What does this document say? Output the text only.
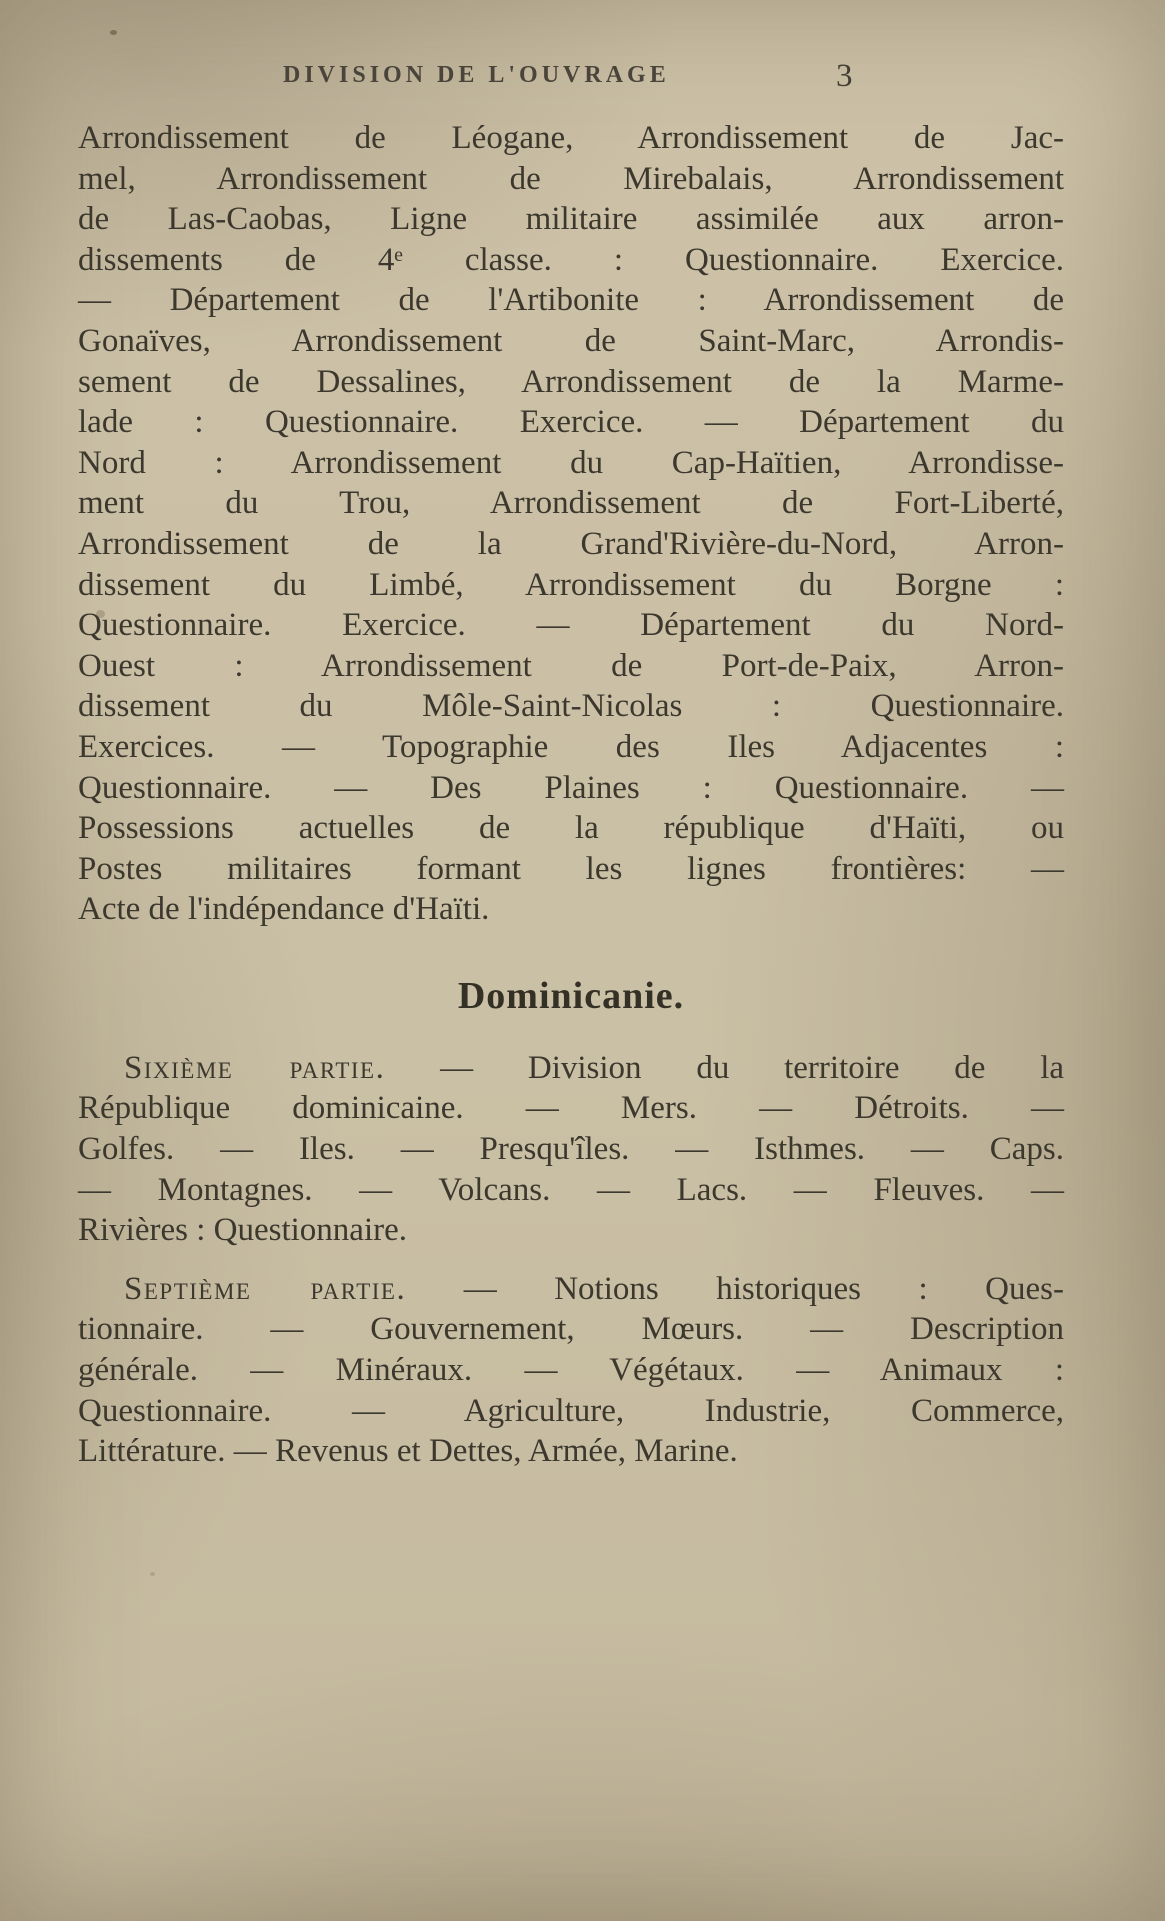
DIVISION DE L'OUVRAGE	3
Arrondissement de Léogane, Arrondissement de Jac-
mel, Arrondissement de Mirebalais, Arrondissement
de Las-Caobas, Ligne militaire assimilée aux arron-
dissements de 4ᵉ classe. : Questionnaire. Exercice.
— Département de l'Artibonite : Arrondissement de
Gonaïves, Arrondissement de Saint-Marc, Arrondis-
sement de Dessalines, Arrondissement de la Marme-
lade : Questionnaire. Exercice. — Département du
Nord : Arrondissement du Cap-Haïtien, Arrondisse-
ment du Trou, Arrondissement de Fort-Liberté,
Arrondissement de la Grand'Rivière-du-Nord, Arron-
dissement du Limbé, Arrondissement du Borgne :
Questionnaire. Exercice. — Département du Nord-
Ouest : Arrondissement de Port-de-Paix, Arron-
dissement du Môle-Saint-Nicolas : Questionnaire.
Exercices. — Topographie des Iles Adjacentes :
Questionnaire. — Des Plaines : Questionnaire. —
Possessions actuelles de la république d'Haïti, ou
Postes militaires formant les lignes frontières: —
Acte de l'indépendance d'Haïti.
Dominicanie.
Sixième partie. — Division du territoire de la
République dominicaine. — Mers. — Détroits. —
Golfes. — Iles. — Presqu'îles. — Isthmes. — Caps.
— Montagnes. — Volcans. — Lacs. — Fleuves. —
Rivières : Questionnaire.
Septième partie. — Notions historiques : Ques-
tionnaire. — Gouvernement, Mœurs. — Description
générale. — Minéraux. — Végétaux. — Animaux :
Questionnaire. — Agriculture, Industrie, Commerce,
Littérature. — Revenus et Dettes, Armée, Marine.
